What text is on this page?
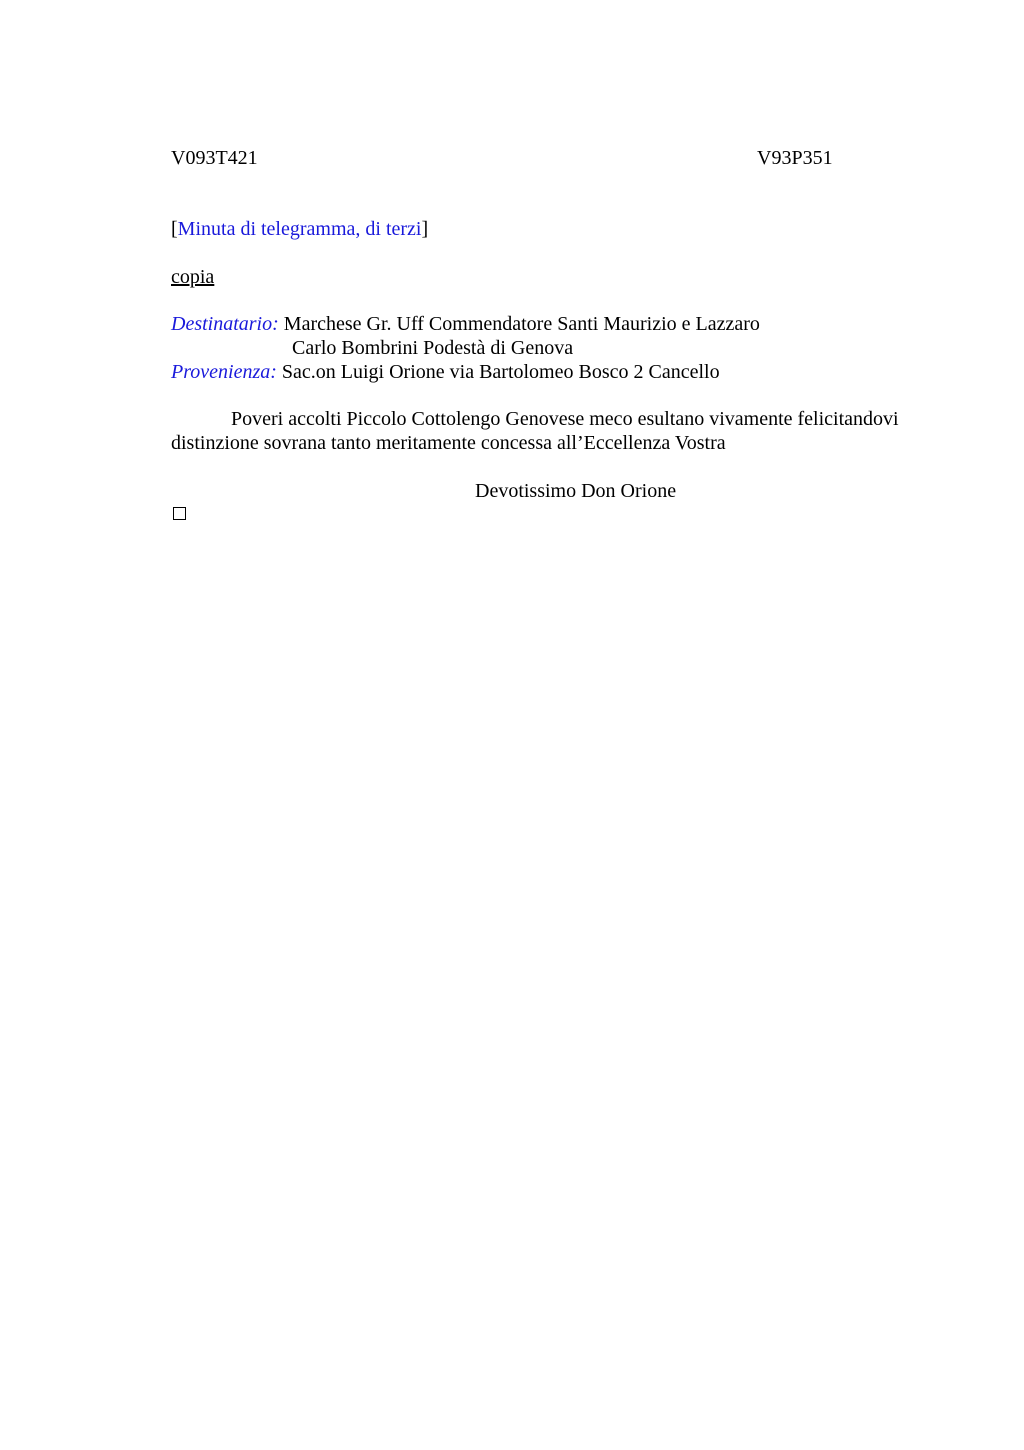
V093T421	V93P351
[Minuta di telegramma, di terzi]
copia
Destinatario: Marchese Gr. Uff Commendatore Santi Maurizio e Lazzaro
Carlo Bombrini Podestà di Genova
Provenienza: Sac.on Luigi Orione via Bartolomeo Bosco 2 Cancello
Poveri accolti Piccolo Cottolengo Genovese meco esultano vivamente felicitandovi
distinzione sovrana tanto meritamente concessa all’Eccellenza Vostra
Devotissimo Don Orione
